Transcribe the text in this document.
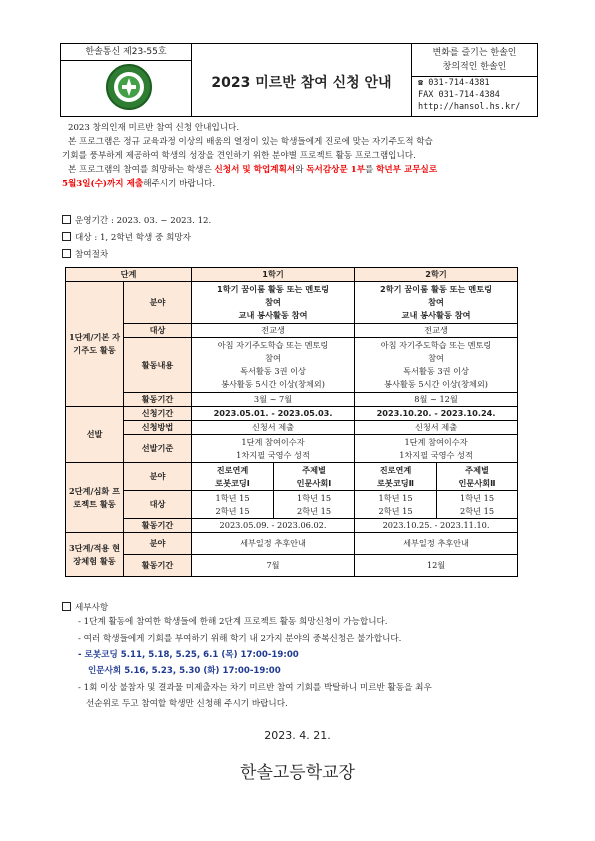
한솔통신 제23-55호
2023 미르반 참여 신청 안내
변화를 즐기는 한솔인
창의적인 한솔인
☎ 031-714-4381
FAX 031-714-4384
http://hansol.hs.kr/
2023 창의인재 미르반 참여 신청 안내입니다.
본 프로그램은 정규 교육과정 이상의 배움의 열정이 있는 학생들에게 진로에 맞는 자기주도적 학습
기회를 풍부하게 제공하여 학생의 성장을 견인하기 위한 분야별 프로젝트 활동 프로그램입니다.
본 프로그램의 참여를 희망하는 학생은 신청서 및 학업계획서와 독서감상문 1부를 학년부 교무실로
5월3일(수)까지 제출해주시기 바랍니다.
운영기간 : 2023. 03. ~ 2023. 12.
대상 : 1, 2학년 학생 중 희망자
참여절차
단계		1학기		2학기	
1단계/기본 자기주도 활동	분야	1학기 꿈이룸 활동 또는 멘토링
참여
교내 봉사활동 참여		2학기 꿈이룸 활동 또는 멘토링
참여
교내 봉사활동 참여	

	대상	전교생		전교생	
	활동내용	아침 자기주도학습 또는 멘토링
참여
독서활동 3권 이상
봉사활동 5시간 이상(창체외)		아침 자기주도학습 또는 멘토링
참여
독서활동 3권 이상
봉사활동 5시간 이상(창체외)	

	활동기간	3월 ~ 7월		8월 ~ 12월	
선발	신청기간	2023.05.01. - 2023.05.03.		2023.10.20. - 2023.10.24.	
	신청방법	신청서 제출		신청서 제출	
	선발기준	1단계 참여이수자
1차지필 국영수 성적		1단계 참여이수자
1차지필 국영수 성적	

2단계/심화 프로젝트 활동	분야	진로연계
로봇코딩Ⅰ	주제별
인문사회Ⅰ	진로연계
로봇코딩Ⅱ	주제별
인문사회Ⅱ

	대상	1학년 15
2학년 15	1학년 15
2학년 15	1학년 15
2학년 15	1학년 15
2학년 15

	활동기간	2023.05.09. - 2023.06.02.		2023.10.25. - 2023.11.10.	
3단계/적용 현장체험 활동	분야	세부일정 추후안내		세부일정 추후안내	
	활동기간	7월		12월	
세부사항
- 1단계 활동에 참여한 학생들에 한해 2단계 프로젝트 활동 희망신청이 가능합니다.
- 여러 학생들에게 기회를 부여하기 위해 학기 내 2가지 분야의 중복신청은 불가합니다.
- 로봇코딩 5.11, 5.18, 5.25, 6.1 (목) 17:00-19:00
인문사회 5.16, 5.23, 5.30 (화) 17:00-19:00
- 1회 이상 불참자 및 결과물 미제출자는 차기 미르반 참여 기회를 박탈하니 미르반 활동을 최우
선순위로 두고 참여할 학생만 신청해 주시기 바랍니다.
2023. 4. 21.
한솔고등학교장
